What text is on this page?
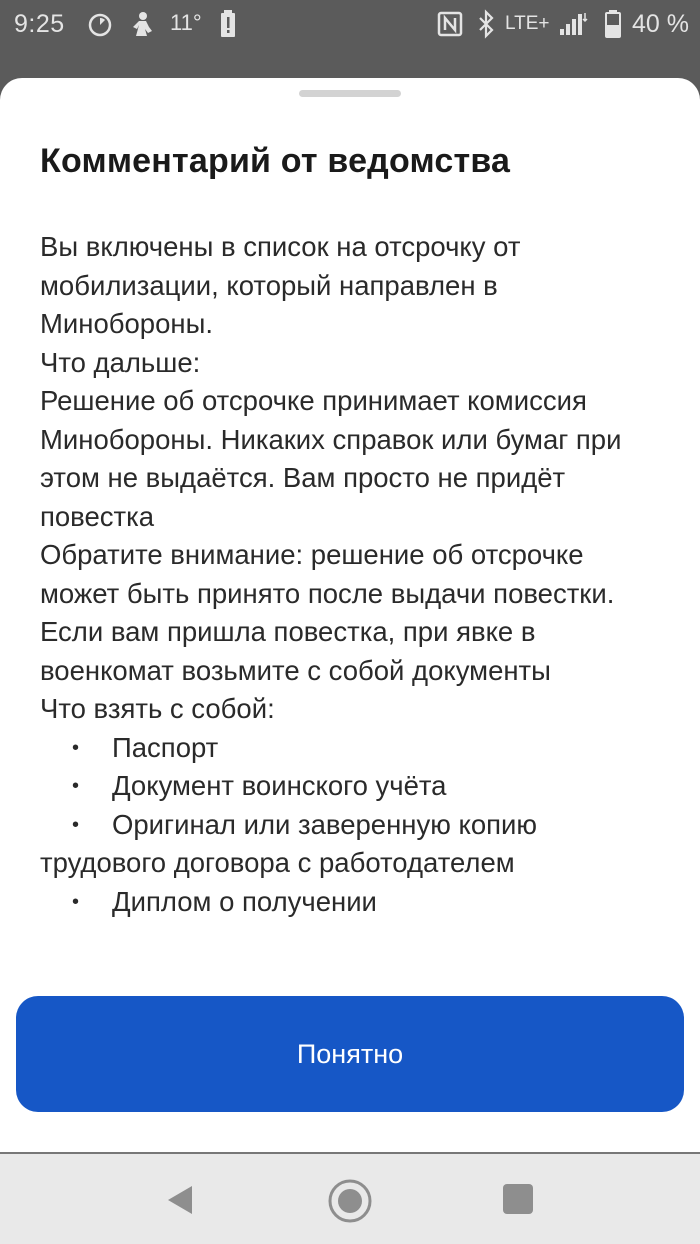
9:25	11°	LTE+	40 %
Комментарий от ведомства

Вы включены в список на отсрочку от мобилизации, который направлен в Минобороны.

Что дальше:

Решение об отсрочке принимает комиссия Минобороны. Никаких справок или бумаг при этом не выдаётся. Вам просто не придёт повестка

Обратите внимание: решение об отсрочке может быть принято после выдачи повестки. Если вам пришла повестка, при явке в военкомат возьмите с собой документы

Что взять с собой:

• Паспорт
• Документ воинского учёта
• Оригинал или заверенную копию трудового договора с работодателем
• Диплом о получении
Понятно
